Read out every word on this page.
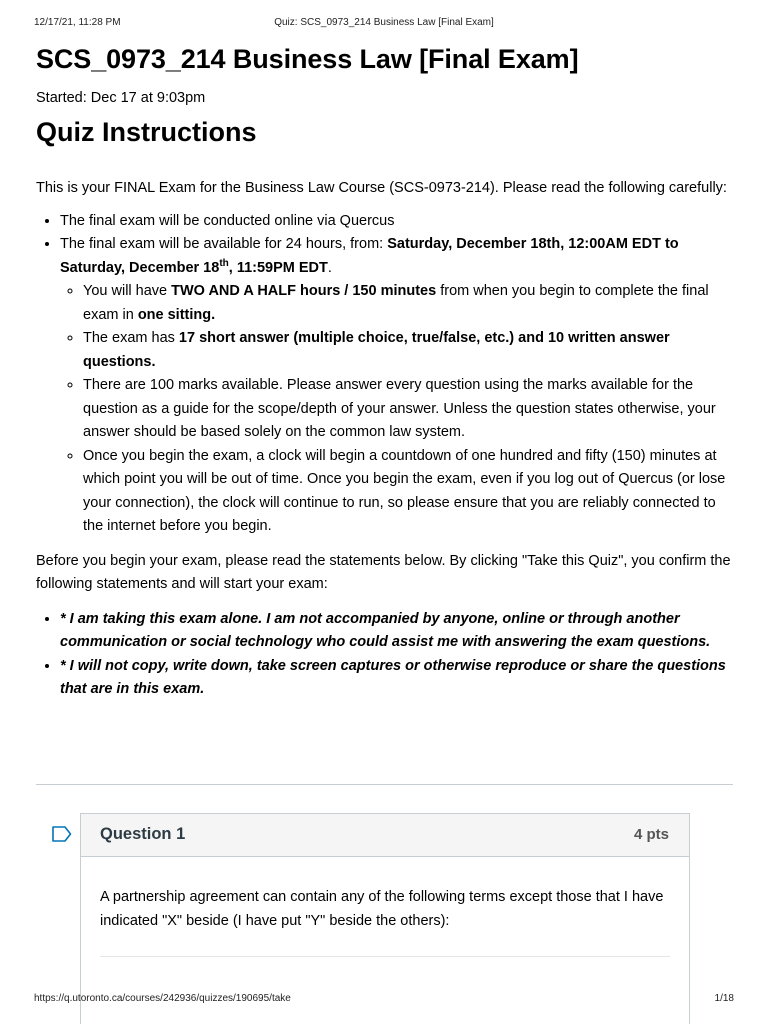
12/17/21, 11:28 PM	Quiz: SCS_0973_214 Business Law [Final Exam]
SCS_0973_214 Business Law [Final Exam]
Started: Dec 17 at 9:03pm
Quiz Instructions

This is your FINAL Exam for the Business Law Course (SCS-0973-214). Please read the following carefully:

• The final exam will be conducted online via Quercus
• The final exam will be available for 24 hours, from: Saturday, December 18th, 12:00AM EDT to Saturday, December 18th, 11:59PM EDT.
◦ You will have TWO AND A HALF hours / 150 minutes from when you begin to complete the final exam in one sitting.
◦ The exam has 17 short answer (multiple choice, true/false, etc.) and 10 written answer questions.
◦ There are 100 marks available. Please answer every question using the marks available for the question as a guide for the scope/depth of your answer. Unless the question states otherwise, your answer should be based solely on the common law system.
◦ Once you begin the exam, a clock will begin a countdown of one hundred and fifty (150) minutes at which point you will be out of time. Once you begin the exam, even if you log out of Quercus (or lose your connection), the clock will continue to run, so please ensure that you are reliably connected to the internet before you begin.

Before you begin your exam, please read the statements below. By clicking "Take this Quiz", you confirm the following statements and will start your exam:

• * I am taking this exam alone. I am not accompanied by anyone, online or through another communication or social technology who could assist me with answering the exam questions.
• * I will not copy, write down, take screen captures or otherwise reproduce or share the questions that are in this exam.
Question 1	4 pts
A partnership agreement can contain any of the following terms except those that I have indicated "X" beside (I have put "Y" beside the others):
https://q.utoronto.ca/courses/242936/quizzes/190695/take	1/18
